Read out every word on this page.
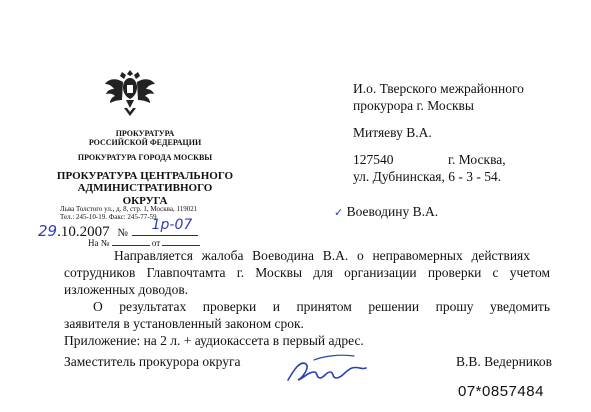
ПРОКУРАТУРА
РОССИЙСКОЙ ФЕДЕРАЦИИ
ПРОКУРАТУРА ГОРОДА МОСКВЫ
ПРОКУРАТУРА ЦЕНТРАЛЬНОГО
АДМИНИСТРАТИВНОГО ОКРУГА
Льва Толстого ул., д. 8, стр. 1, Москва, 119021
Тел.: 245-10-19. Факс: 245-77-59
29.10.2007 № 1р-07
На №	от
И.о. Тверского межрайонного
прокурора г. Москвы
Митяеву В.А.
127540	г. Москва,
ул. Дубнинская, 6 - 3 - 54.
✓ Воеводину В.А.
Направляется жалоба Воеводина В.А. о неправомерных действиях
сотрудников Главпочтамта г. Москвы для организации проверки с учетом
изложенных доводов.
О результатах проверки и принятом решении прошу уведомить
заявителя в установленный законом срок.
Приложение: на 2 л. + аудиокассета в первый адрес.
Заместитель прокурора округа	В.В. Ведерников
07*0857484
